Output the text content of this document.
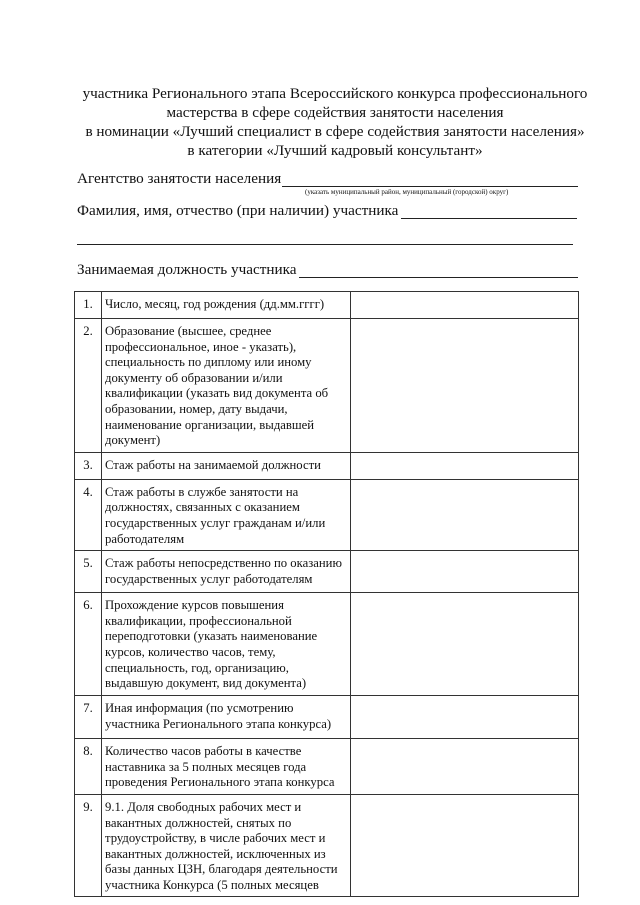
участника Регионального этапа Всероссийского конкурса профессионального
мастерства в сфере содействия занятости населения
в номинации «Лучший специалист в сфере содействия занятости населения»
в категории «Лучший кадровый консультант»
Агентство занятости населения
(указать муниципальный район, муниципальный (городской) округ)
Фамилия, имя, отчество (при наличии) участника
Занимаемая должность участника
1.	Число, месяц, год рождения (дд.мм.гггг)	
2.	Образование (высшее, среднее профессиональное, иное - указать), специальность по диплому или иному документу об образовании и/или квалификации (указать вид документа об образовании, номер, дату выдачи, наименование организации, выдавшей документ)	
3.	Стаж работы на занимаемой должности	
4.	Стаж работы в службе занятости на должностях, связанных с оказанием государственных услуг гражданам и/или работодателям	
5.	Стаж работы непосредственно по оказанию государственных услуг работодателям	
6.	Прохождение курсов повышения квалификации, профессиональной переподготовки (указать наименование курсов, количество часов, тему, специальность, год, организацию, выдавшую документ, вид документа)	
7.	Иная информация (по усмотрению участника Регионального этапа конкурса)	
8.	Количество часов работы в качестве наставника за 5 полных месяцев года проведения Регионального этапа конкурса	
9.	9.1. Доля свободных рабочих мест и вакантных должностей, снятых по трудоустройству, в числе рабочих мест и вакантных должностей, исключенных из базы данных ЦЗН, благодаря деятельности участника Конкурса (5 полных месяцев	
